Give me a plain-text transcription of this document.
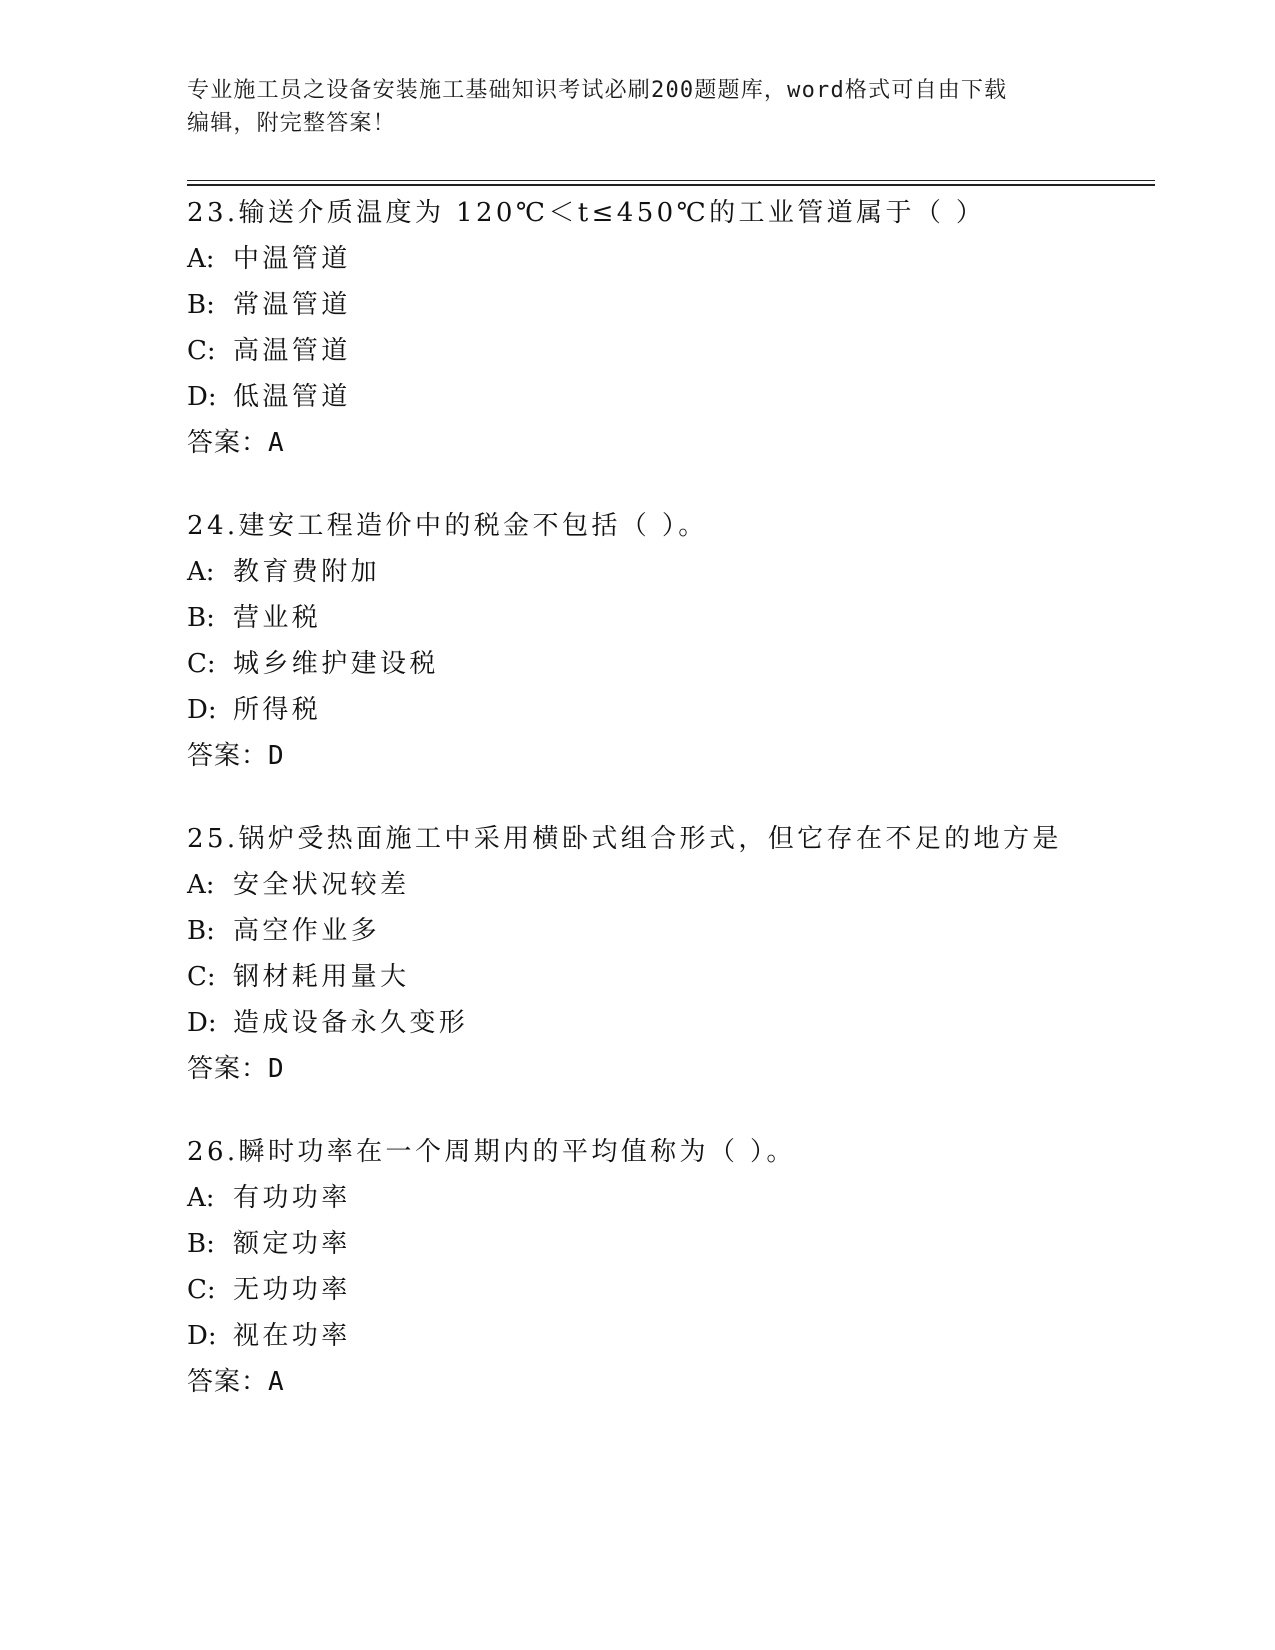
专业施工员之设备安装施工基础知识考试必刷200题题库，word格式可自由下载
编辑，附完整答案！
23.输送介质温度为 120℃＜t≤450℃的工业管道属于（ ）
A: 中温管道
B: 常温管道
C: 高温管道
D: 低温管道
答案：A
24.建安工程造价中的税金不包括（ ）。
A: 教育费附加
B: 营业税
C: 城乡维护建设税
D: 所得税
答案：D
25.锅炉受热面施工中采用横卧式组合形式，但它存在不足的地方是
A: 安全状况较差
B: 高空作业多
C: 钢材耗用量大
D: 造成设备永久变形
答案：D
26.瞬时功率在一个周期内的平均值称为（ ）。
A: 有功功率
B: 额定功率
C: 无功功率
D: 视在功率
答案：A
